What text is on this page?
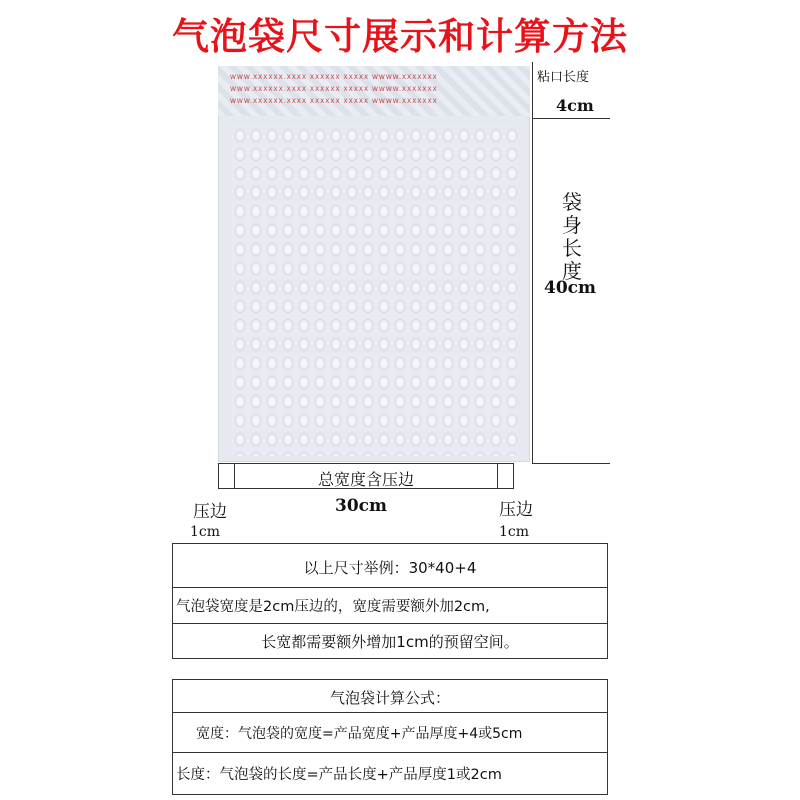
气泡袋尺寸展示和计算方法
WWW.XXXXXX.XXXX XXXXXX XXXXX WWWW.XXXXXXX
WWW.XXXXXX.XXXX XXXXXX XXXXX WWWW.XXXXXXX
WWW.XXXXXX.XXXX XXXXXX XXXXX WWWW.XXXXXXX
粘口长度
4cm
袋
身
长
度
40cm
总宽度含压边
30cm
压边
1cm
压边
1cm
以上尺寸举例：30*40+4
气泡袋宽度是2cm压边的，宽度需要额外加2cm,
长宽都需要额外增加1cm的预留空间。
气泡袋计算公式：
宽度：气泡袋的宽度=产品宽度+产品厚度+4或5cm
长度：气泡袋的长度=产品长度+产品厚度1或2cm
